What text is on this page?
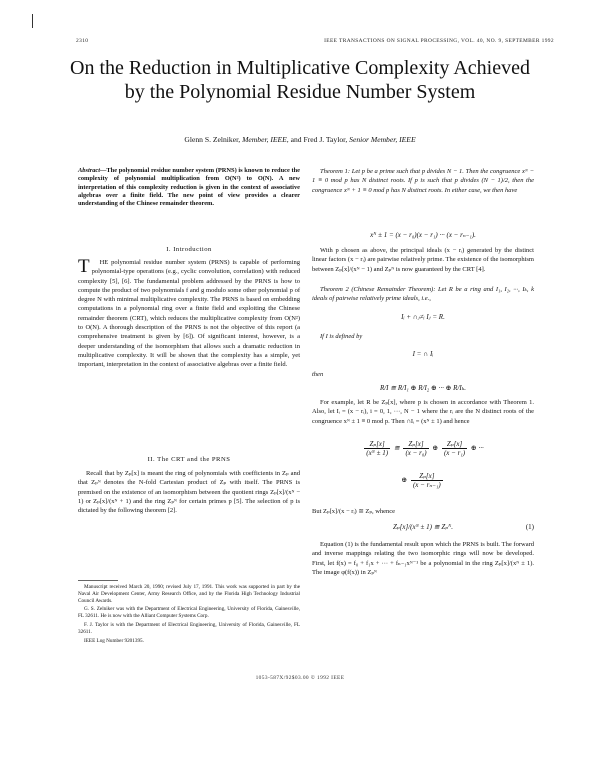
2310	IEEE TRANSACTIONS ON SIGNAL PROCESSING, VOL. 40, NO. 9, SEPTEMBER 1992
On the Reduction in Multiplicative Complexity Achieved by the Polynomial Residue Number System
Glenn S. Zelniker, Member, IEEE, and Fred J. Taylor, Senior Member, IEEE
Abstract—The polynomial residue number system (PRNS) is known to reduce the complexity of polynomial multiplication from O(N²) to O(N). A new interpretation of this complexity reduction is given in the context of associative algebras over a finite field. The new point of view provides a clearer understanding of the Chinese remainder theorem.
I. Introduction
THE polynomial residue number system (PRNS) is capable of performing polynomial-type operations (e.g., cyclic convolution, correlation) with reduced complexity [5], [6]. The fundamental problem addressed by the PRNS is how to compute the product of two polynomials f and g modulo some other polynomial p of degree N with minimal multiplicative complexity. The PRNS is based on embedding computations in a polynomial ring over a finite field and exploiting the Chinese remainder theorem (CRT), which reduces the multiplicative complexity from O(N²) to O(N). A thorough description of the PRNS is not the objective of this report (a comprehensive treatment is given by [6]). Of significant interest, however, is a deeper understanding of the isomorphism that allows such a dramatic reduction in multiplicative complexity. It will be shown that the complexity has a simple, yet important, interpretation in the context of associative algebras over a finite field.
II. The CRT and the PRNS
Recall that by Zₚ[x] is meant the ring of polynomials with coefficients in Zₚ and that Zₚᴺ denotes the N-fold Cartesian product of Zₚ with itself. The PRNS is premised on the existence of an isomorphism between the quotient rings Zₚ[x]/(xᴺ − 1) or Zₚ[x]/(xᴺ + 1) and the ring Zₚᴺ for certain primes p [5]. The selection of p is dictated by the following theorem [2].
Manuscript received March 20, 1990; revised July 17, 1991. This work was supported in part by the Naval Air Development Center, Army Research Office, and by the Florida High Technology Industrial Council Awards.
G. S. Zelniker was with the Department of Electrical Engineering, University of Florida, Gainesville, FL 32611. He is now with the Alliant Computer Systems Corp.
F. J. Taylor is with the Department of Electrical Engineering, University of Florida, Gainesville, FL 32611.
IEEE Log Number 9201395.
Theorem 1: Let p be a prime such that p divides N − 1. Then the congruence xᴺ − 1 ≡ 0 mod p has N distinct roots. If p is such that p divides (N − 1)/2, then the congruence xᴺ + 1 ≡ 0 mod p has N distinct roots. In either case, we then have
xᴺ ± 1 = (x − r₀)(x − r₁) ··· (x − rₙ₋₁).
With p chosen as above, the principal ideals (x − rᵢ) generated by the distinct linear factors (x − rᵢ) are pairwise relatively prime. The existence of the isomorphism between Zₚ[x]/(xᴺ − 1) and Zₚᴺ is now guaranteed by the CRT [4].
Theorem 2 (Chinese Remainder Theorem): Let R be a ring and I₁, I₂, ···, Iₖ, k ideals of pairwise relatively prime ideals, i.e.,
Iᵢ + ∩ⱼ≠ᵢ Iⱼ = R.
If I is defined by
I = ∩ Iᵢ
then
R/I ≅ R/I₁ ⊕ R/I₂ ⊕ ··· ⊕ R/Iₖ.
For example, let R be Zₚ[x], where p is chosen in accordance with Theorem 1. Also, let Iᵢ = (x − rᵢ), i = 0, 1, ···, N − 1 where the rᵢ are the N distinct roots of the congruence xᴺ ± 1 ≡ 0 mod p. Then ∩Iᵢ = (xᴺ ± 1) and hence
$\frac{\text{Zₚ[x]}}{\text{(xᴺ ± 1)}}$ ≅ $\frac{\text{Zₚ[x]}}{\text{(x − r₀)}}$ ⊕ $\frac{\text{Zₚ[x]}}{\text{(x − r₁)}}$ ⊕ ···
⊕ $\frac{\text{Zₚ[x]}}{\text{(x − rₙ₋₁)}}$
But Zₚ[x]/(x − rᵢ) ≅ Zₚ, whence
Zₚ[x]/(xᴺ ± 1) ≅ Zₚᴺ.	(1)
Equation (1) is the fundamental result upon which the PRNS is built. The forward and inverse mappings relating the two isomorphic rings will now be developed. First, let f(x) = f₀ + f₁x + ··· + fₙ₋₁xᴺ⁻¹ be a polynomial in the ring Zₚ[x]/(xᴺ ± 1). The image φ(f(x)) in Zₚᴺ
1053-587X/92$03.00 © 1992 IEEE
